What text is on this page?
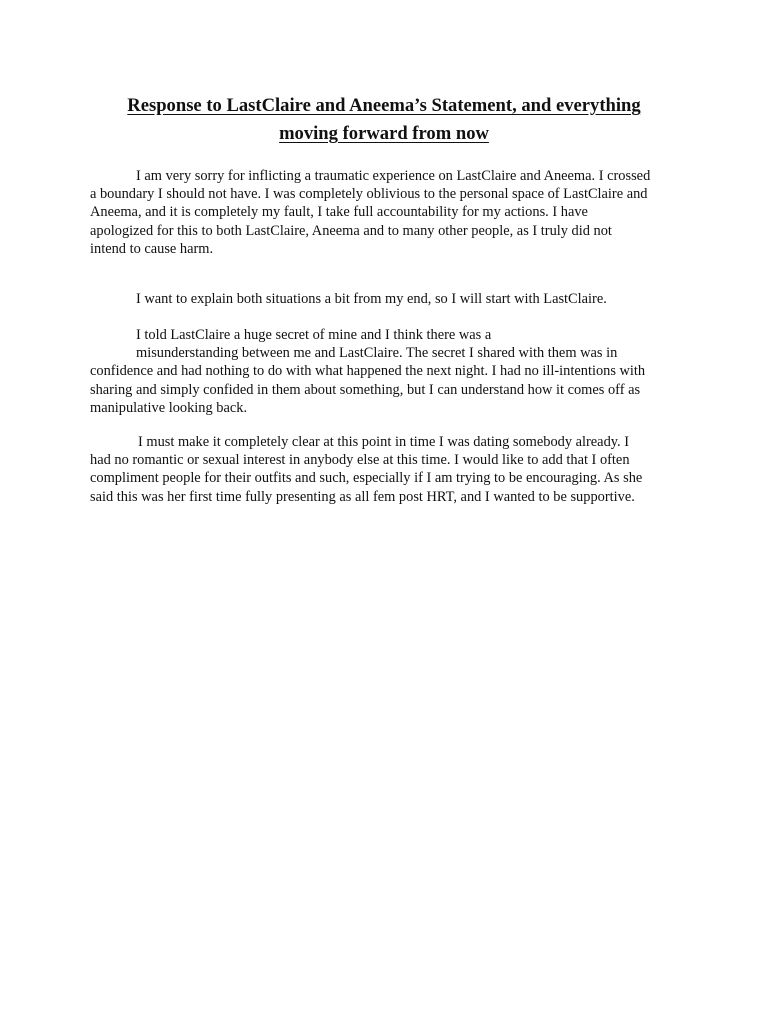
Response to LastClaire and Aneema’s Statement, and everything
moving forward from now

I am very sorry for inflicting a traumatic experience on LastClaire and Aneema. I crossed
a boundary I should not have. I was completely oblivious to the personal space of LastClaire and
Aneema, and it is completely my fault, I take full accountability for my actions. I have
apologized for this to both LastClaire, Aneema and to many other people, as I truly did not
intend to cause harm.

I want to explain both situations a bit from my end, so I will start with LastClaire.

I told LastClaire a huge secret of mine and I think there was a
misunderstanding between me and LastClaire. The secret I shared with them was in
confidence and had nothing to do with what happened the next night. I had no ill-intentions with
sharing and simply confided in them about something, but I can understand how it comes off as
manipulative looking back.

I must make it completely clear at this point in time I was dating somebody already. I
had no romantic or sexual interest in anybody else at this time. I would like to add that I often
compliment people for their outfits and such, especially if I am trying to be encouraging. As she
said this was her first time fully presenting as all fem post HRT, and I wanted to be supportive.
